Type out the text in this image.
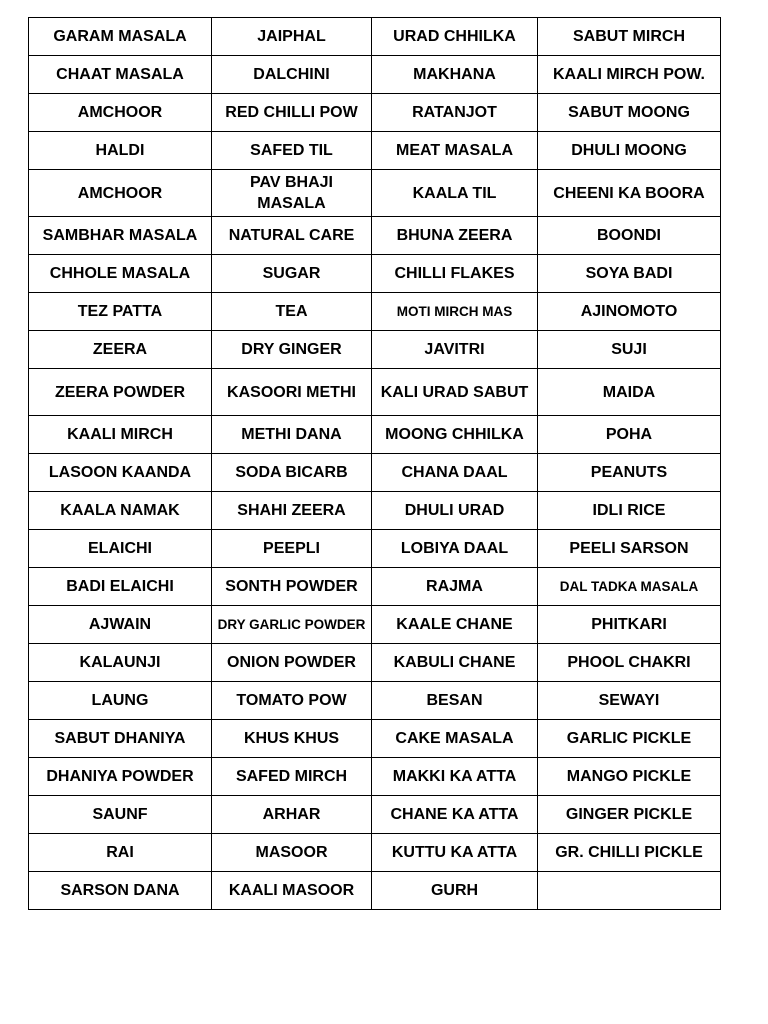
GARAM MASALA	JAIPHAL	URAD CHHILKA	SABUT MIRCH
CHAAT MASALA	DALCHINI	MAKHANA	KAALI MIRCH POW.
AMCHOOR	RED CHILLI POW	RATANJOT	SABUT MOONG
HALDI	SAFED TIL	MEAT MASALA	DHULI MOONG
AMCHOOR	PAV BHAJI MASALA	KAALA TIL	CHEENI KA BOORA
SAMBHAR MASALA	NATURAL CARE	BHUNA ZEERA	BOONDI
CHHOLE MASALA	SUGAR	CHILLI FLAKES	SOYA BADI
TEZ PATTA	TEA	MOTI MIRCH MAS	AJINOMOTO
ZEERA	DRY GINGER	JAVITRI	SUJI
ZEERA POWDER	KASOORI METHI	KALI URAD SABUT	MAIDA
KAALI MIRCH	METHI DANA	MOONG CHHILKA	POHA
LASOON KAANDA	SODA BICARB	CHANA DAAL	PEANUTS
KAALA NAMAK	SHAHI ZEERA	DHULI URAD	IDLI RICE
ELAICHI	PEEPLI	LOBIYA DAAL	PEELI SARSON
BADI ELAICHI	SONTH POWDER	RAJMA	DAL TADKA MASALA
AJWAIN	DRY GARLIC POWDER	KAALE CHANE	PHITKARI
KALAUNJI	ONION POWDER	KABULI CHANE	PHOOL CHAKRI
LAUNG	TOMATO POW	BESAN	SEWAYI
SABUT DHANIYA	KHUS KHUS	CAKE MASALA	GARLIC PICKLE
DHANIYA POWDER	SAFED MIRCH	MAKKI KA ATTA	MANGO PICKLE
SAUNF	ARHAR	CHANE KA ATTA	GINGER PICKLE
RAI	MASOOR	KUTTU KA ATTA	GR. CHILLI PICKLE
SARSON DANA	KAALI MASOOR	GURH	
